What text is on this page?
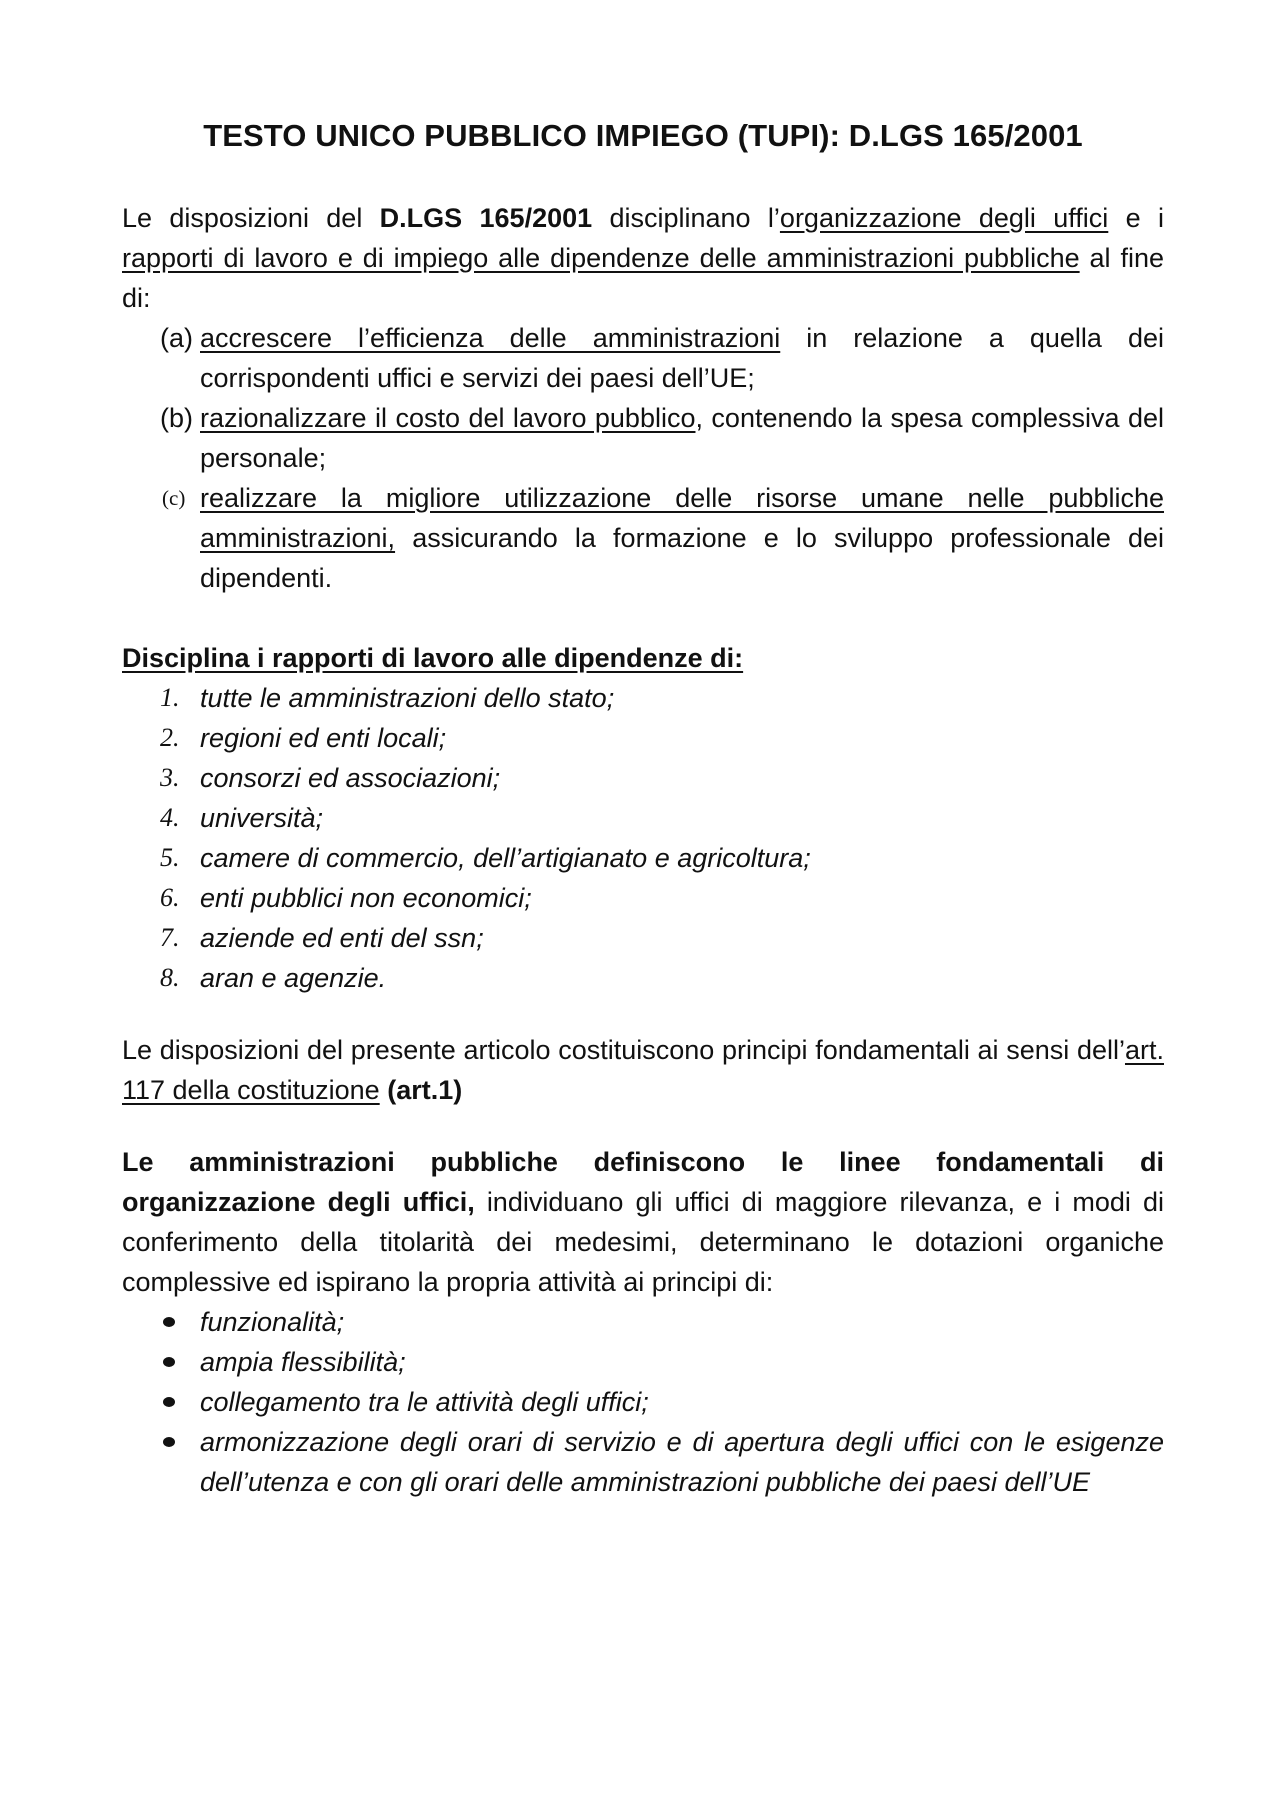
TESTO UNICO PUBBLICO IMPIEGO (TUPI): D.LGS 165/2001

Le disposizioni del D.LGS 165/2001 disciplinano l’organizzazione degli uffici e i rapporti di lavoro e di impiego alle dipendenze delle amministrazioni pubbliche al fine di:

(a) accrescere l’efficienza delle amministrazioni in relazione a quella dei corrispondenti uffici e servizi dei paesi dell’UE;
(b) razionalizzare il costo del lavoro pubblico, contenendo la spesa complessiva del personale;
(c) realizzare la migliore utilizzazione delle risorse umane nelle pubbliche amministrazioni, assicurando la formazione e lo sviluppo professionale dei dipendenti.

Disciplina i rapporti di lavoro alle dipendenze di:

1. tutte le amministrazioni dello stato;
2. regioni ed enti locali;
3. consorzi ed associazioni;
4. università;
5. camere di commercio, dell’artigianato e agricoltura;
6. enti pubblici non economici;
7. aziende ed enti del ssn;
8. aran e agenzie.

Le disposizioni del presente articolo costituiscono principi fondamentali ai sensi dell’art. 117 della costituzione (art.1)

Le amministrazioni pubbliche definiscono le linee fondamentali di organizzazione degli uffici, individuano gli uffici di maggiore rilevanza, e i modi di conferimento della titolarità dei medesimi, determinano le dotazioni organiche complessive ed ispirano la propria attività ai principi di:

funzionalità;
ampia flessibilità;
collegamento tra le attività degli uffici;
armonizzazione degli orari di servizio e di apertura degli uffici con le esigenze dell’utenza e con gli orari delle amministrazioni pubbliche dei paesi dell’UE
